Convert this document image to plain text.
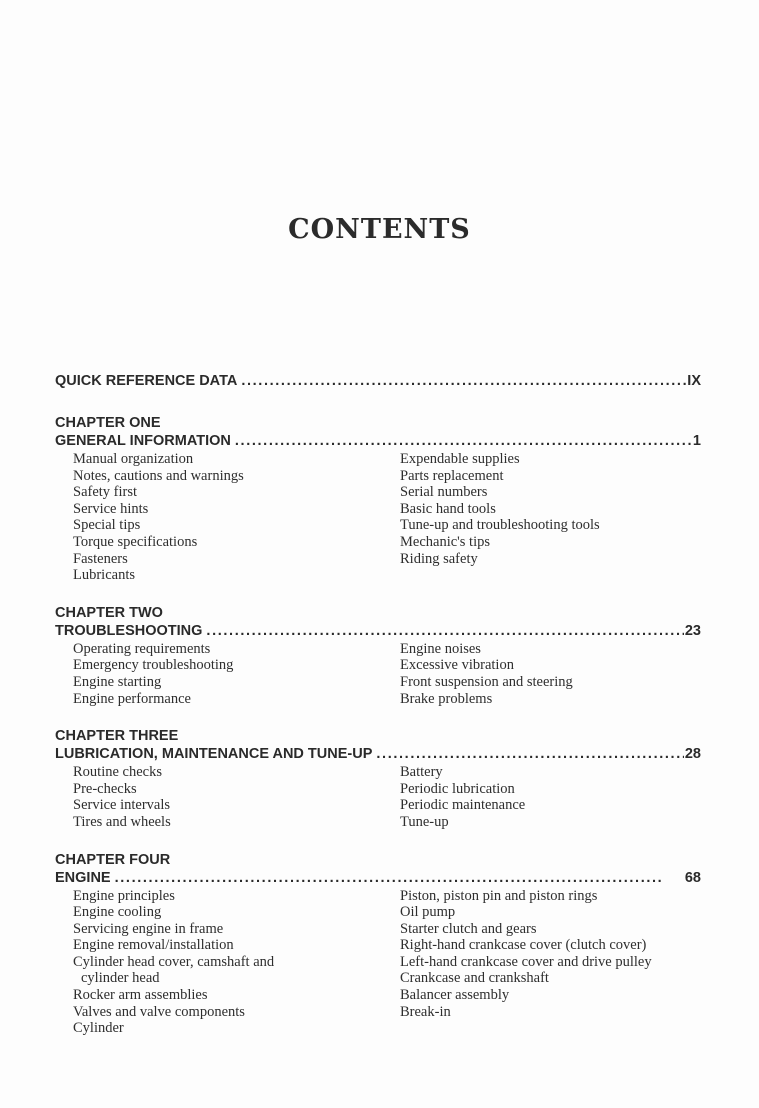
CONTENTS
QUICK REFERENCE DATA . . .	IX
CHAPTER ONE
GENERAL INFORMATION . . .	1
Manual organization
Notes, cautions and warnings
Safety first
Service hints
Special tips
Torque specifications
Fasteners
Lubricants
Expendable supplies
Parts replacement
Serial numbers
Basic hand tools
Tune-up and troubleshooting tools
Mechanic's tips
Riding safety
CHAPTER TWO
TROUBLESHOOTING . . .	23
Operating requirements
Emergency troubleshooting
Engine starting
Engine performance
Engine noises
Excessive vibration
Front suspension and steering
Brake problems
CHAPTER THREE
LUBRICATION, MAINTENANCE AND TUNE-UP . . .	28
Routine checks
Pre-checks
Service intervals
Tires and wheels
Battery
Periodic lubrication
Periodic maintenance
Tune-up
CHAPTER FOUR
ENGINE . . .	68
Engine principles
Engine cooling
Servicing engine in frame
Engine removal/installation
Cylinder head cover, camshaft and
cylinder head
Rocker arm assemblies
Valves and valve components
Cylinder
Piston, piston pin and piston rings
Oil pump
Starter clutch and gears
Right-hand crankcase cover (clutch cover)
Left-hand crankcase cover and drive pulley
Crankcase and crankshaft
Balancer assembly
Break-in
